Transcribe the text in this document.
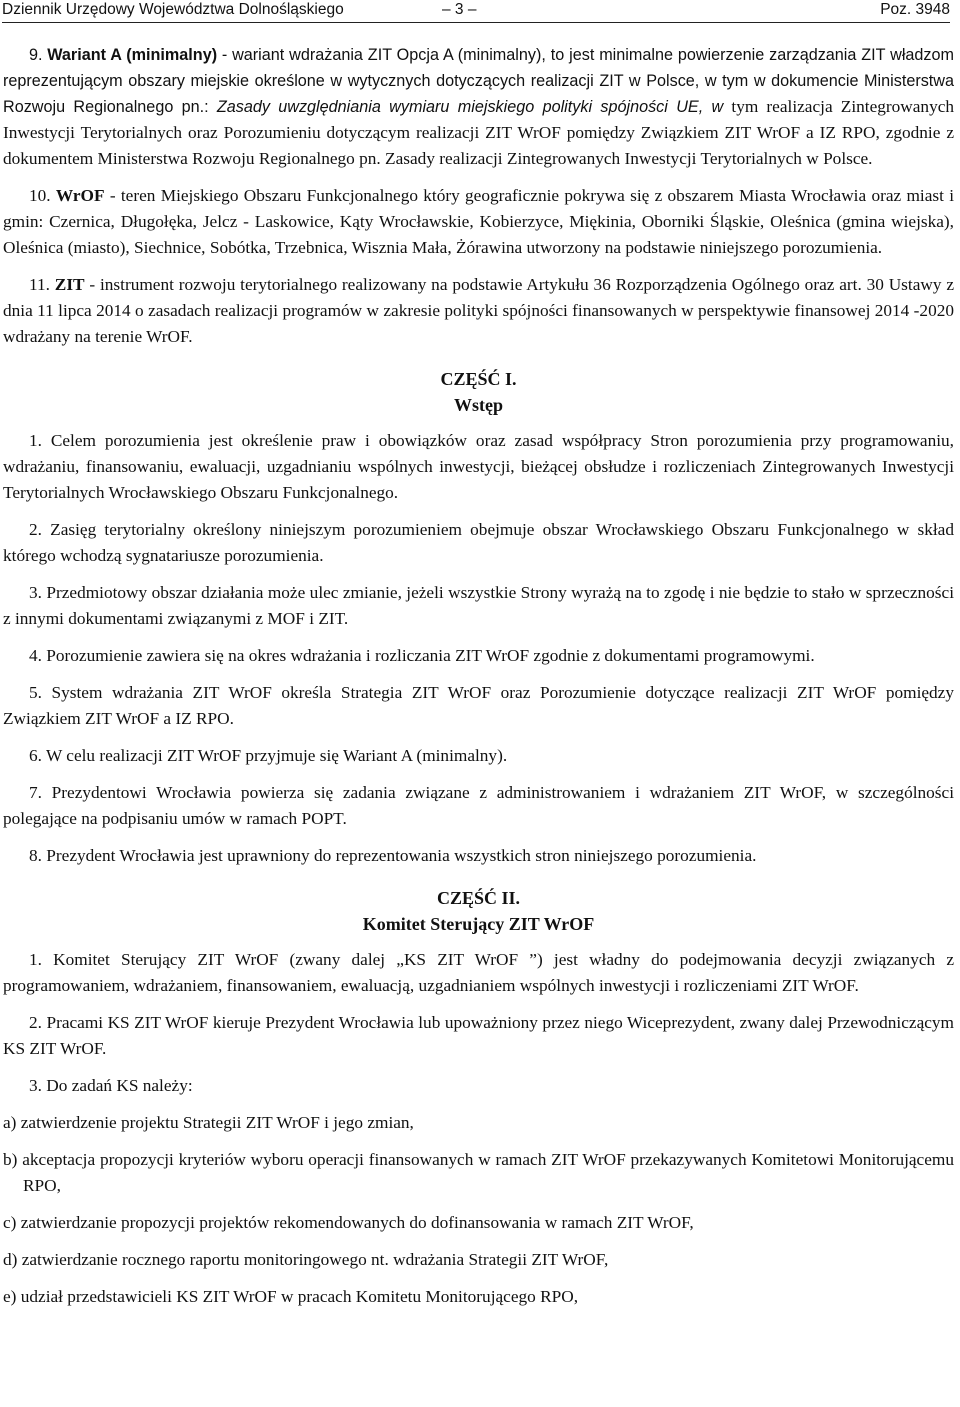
Dziennik Urzędowy Województwa Dolnośląskiego	– 3 –	Poz. 3948

9. Wariant A (minimalny) - wariant wdrażania ZIT Opcja A (minimalny), to jest minimalne powierzenie zarządzania ZIT władzom reprezentującym obszary miejskie określone w wytycznych dotyczących realizacji ZIT w Polsce, w tym w dokumencie Ministerstwa Rozwoju Regionalnego pn.: Zasady uwzględniania wymiaru miejskiego polityki spójności UE, w tym realizacja Zintegrowanych Inwestycji Terytorialnych oraz Porozumieniu dotyczącym realizacji ZIT WrOF pomiędzy Związkiem ZIT WrOF a IZ RPO, zgodnie z dokumentem Ministerstwa Rozwoju Regionalnego pn. Zasady realizacji Zintegrowanych Inwestycji Terytorialnych w Polsce.

10. WrOF - teren Miejskiego Obszaru Funkcjonalnego który geograficznie pokrywa się z obszarem Miasta Wrocławia oraz miast i gmin: Czernica, Długołęka, Jelcz - Laskowice, Kąty Wrocławskie, Kobierzyce, Miękinia, Oborniki Śląskie, Oleśnica (gmina wiejska), Oleśnica (miasto), Siechnice, Sobótka, Trzebnica, Wisznia Mała, Żórawina utworzony na podstawie niniejszego porozumienia.

11. ZIT - instrument rozwoju terytorialnego realizowany na podstawie Artykułu 36 Rozporządzenia Ogólnego oraz art. 30 Ustawy z dnia 11 lipca 2014 o zasadach realizacji programów w zakresie polityki spójności finansowanych w perspektywie finansowej 2014 -2020 wdrażany na terenie WrOF.

CZĘŚĆ I.
Wstęp

1. Celem porozumienia jest określenie praw i obowiązków oraz zasad współpracy Stron porozumienia przy programowaniu, wdrażaniu, finansowaniu, ewaluacji, uzgadnianiu wspólnych inwestycji, bieżącej obsłudze i rozliczeniach Zintegrowanych Inwestycji Terytorialnych Wrocławskiego Obszaru Funkcjonalnego.

2. Zasięg terytorialny określony niniejszym porozumieniem obejmuje obszar Wrocławskiego Obszaru Funkcjonalnego w skład którego wchodzą sygnatariusze porozumienia.

3. Przedmiotowy obszar działania może ulec zmianie, jeżeli wszystkie Strony wyrażą na to zgodę i nie będzie to stało w sprzeczności z innymi dokumentami związanymi z MOF i ZIT.

4. Porozumienie zawiera się na okres wdrażania i rozliczania ZIT WrOF zgodnie z dokumentami programowymi.

5. System wdrażania ZIT WrOF określa Strategia ZIT WrOF oraz Porozumienie dotyczące realizacji ZIT WrOF pomiędzy Związkiem ZIT WrOF a IZ RPO.

6. W celu realizacji ZIT WrOF przyjmuje się Wariant A (minimalny).

7. Prezydentowi Wrocławia powierza się zadania związane z administrowaniem i wdrażaniem ZIT WrOF, w szczególności polegające na podpisaniu umów w ramach POPT.

8. Prezydent Wrocławia jest uprawniony do reprezentowania wszystkich stron niniejszego porozumienia.

CZĘŚĆ II.
Komitet Sterujący ZIT WrOF

1. Komitet Sterujący ZIT WrOF (zwany dalej „KS ZIT WrOF ”) jest władny do podejmowania decyzji związanych z programowaniem, wdrażaniem, finansowaniem, ewaluacją, uzgadnianiem wspólnych inwestycji i rozliczeniami ZIT WrOF.

2. Pracami KS ZIT WrOF kieruje Prezydent Wrocławia lub upoważniony przez niego Wiceprezydent, zwany dalej Przewodniczącym KS ZIT WrOF.

3. Do zadań KS należy:

a) zatwierdzenie projektu Strategii ZIT WrOF i jego zmian,

b) akceptacja propozycji kryteriów wyboru operacji finansowanych w ramach ZIT WrOF przekazywanych Komitetowi Monitorującemu RPO,

c) zatwierdzanie propozycji projektów rekomendowanych do dofinansowania w ramach ZIT WrOF,

d) zatwierdzanie rocznego raportu monitoringowego nt. wdrażania Strategii ZIT WrOF,

e) udział przedstawicieli KS ZIT WrOF w pracach Komitetu Monitorującego RPO,
